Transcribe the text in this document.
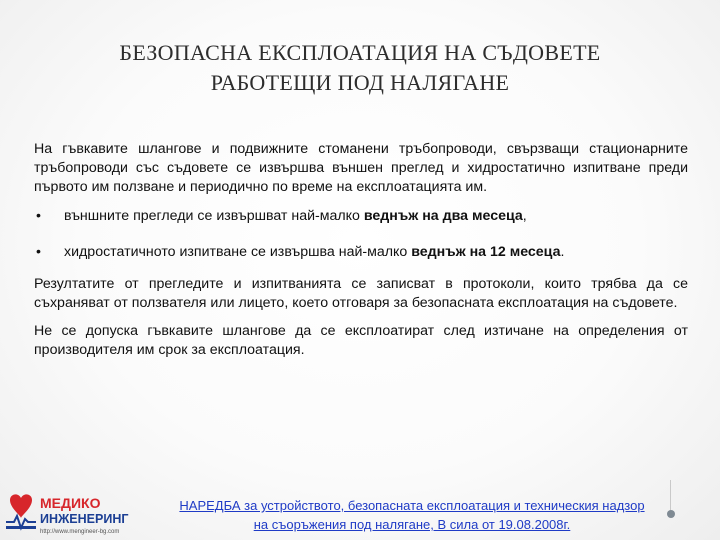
БЕЗОПАСНА ЕКСПЛОАТАЦИЯ НА СЪДОВЕТЕ
РАБОТЕЩИ ПОД НАЛЯГАНЕ

На гъвкавите шлангове и подвижните стоманени тръбопроводи, свързващи стационарните тръбопроводи със съдовете се извършва външен преглед и хидростатично изпитване преди първото им ползване и периодично по време на експлоатацията им.

• външните прегледи се извършват най-малко веднъж на два месеца,
• хидростатичното изпитване се извършва най-малко веднъж на 12 месеца.

Резултатите от прегледите и изпитванията се записват в протоколи, които трябва да се съхраняват от ползвателя или лицето, което отговаря за безопасната експлоатация на съдовете.

Не се допуска гъвкавите шлангове да се експлоатират след изтичане на определения от производителя им срок за експлоатация.

МЕДИКО
ИНЖЕНЕРИНГ
http://www.mengineer-bg.com
НАРЕДБА за устройството, безопасната експлоатация и техническия надзор
на съоръжения под налягане, В сила от 19.08.2008г.
